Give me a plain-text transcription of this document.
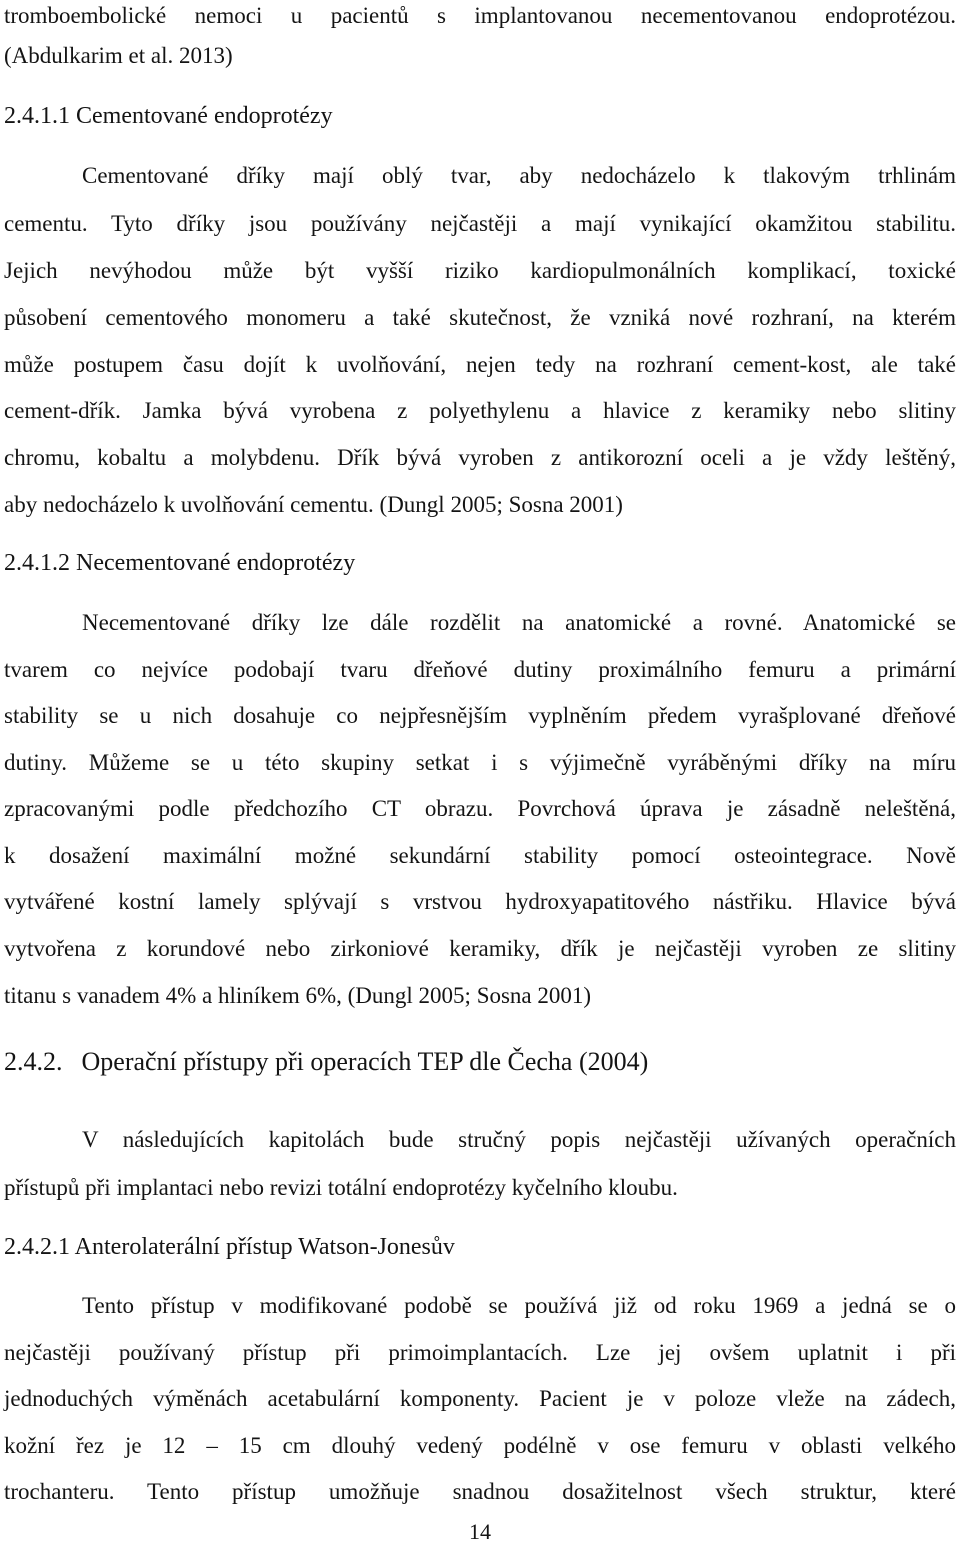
tromboembolické nemoci u pacientů s implantovanou necementovanou endoprotézou.

(Abdulkarim et al. 2013)

2.4.1.1 Cementované endoprotézy

Cementované dříky mají oblý tvar, aby nedocházelo k tlakovým trhlinám

cementu. Tyto dříky jsou používány nejčastěji a mají vynikající okamžitou stabilitu.

Jejich nevýhodou může být vyšší riziko kardiopulmonálních komplikací, toxické

působení cementového monomeru a také skutečnost, že vzniká nové rozhraní, na kterém

může postupem času dojít k uvolňování, nejen tedy na rozhraní cement-kost, ale také

cement-dřík. Jamka bývá vyrobena z polyethylenu a hlavice z keramiky nebo slitiny

chromu, kobaltu a molybdenu. Dřík bývá vyroben z antikorozní oceli a je vždy leštěný,

aby nedocházelo k uvolňování cementu. (Dungl 2005; Sosna 2001)

2.4.1.2 Necementované endoprotézy

Necementované dříky lze dále rozdělit na anatomické a rovné. Anatomické se

tvarem co nejvíce podobají tvaru dřeňové dutiny proximálního femuru a primární

stability se u nich dosahuje co nejpřesnějším vyplněním předem vyrašplované dřeňové

dutiny. Můžeme se u této skupiny setkat i s výjimečně vyráběnými dříky na míru

zpracovanými podle předchozího CT obrazu. Povrchová úprava je zásadně neleštěná,

k dosažení maximální možné sekundární stability pomocí osteointegrace. Nově

vytvářené kostní lamely splývají s vrstvou hydroxyapatitového nástřiku. Hlavice bývá

vytvořena z korundové nebo zirkoniové keramiky, dřík je nejčastěji vyroben ze slitiny

titanu s vanadem 4% a hliníkem 6%, (Dungl 2005; Sosna 2001)

2.4.2. Operační přístupy při operacích TEP dle Čecha (2004)

V následujících kapitolách bude stručný popis nejčastěji užívaných operačních

přístupů při implantaci nebo revizi totální endoprotézy kyčelního kloubu.

2.4.2.1 Anterolaterální přístup Watson-Jonesův

Tento přístup v modifikované podobě se používá již od roku 1969 a jedná se o

nejčastěji používaný přístup při primoimplantacích. Lze jej ovšem uplatnit i při

jednoduchých výměnách acetabulární komponenty. Pacient je v poloze vleže na zádech,

kožní řez je 12 – 15 cm dlouhý vedený podélně v ose femuru v oblasti velkého

trochanteru. Tento přístup umožňuje snadnou dosažitelnost všech struktur, které

14
